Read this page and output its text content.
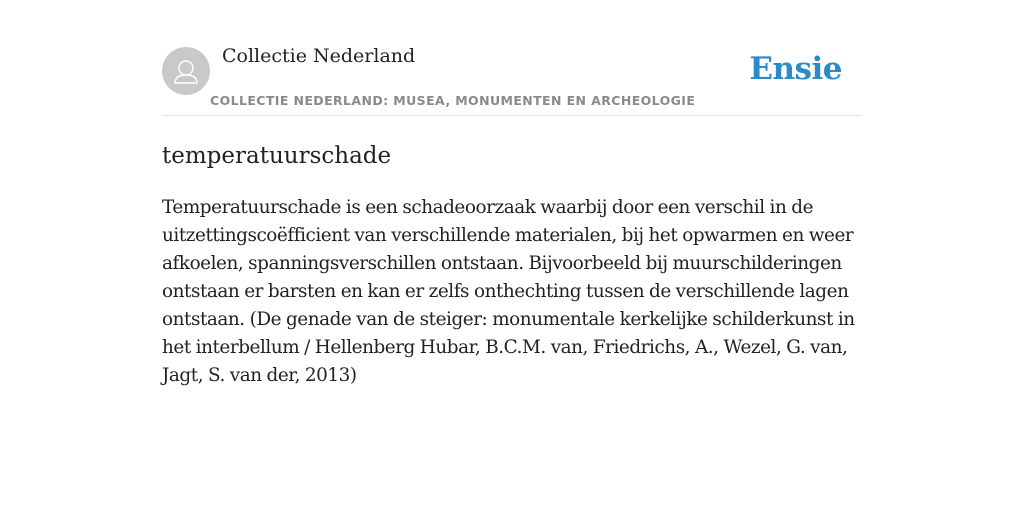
Collectie Nederland	Ensie
COLLECTIE NEDERLAND: MUSEA, MONUMENTEN EN ARCHEOLOGIE
temperatuurschade

Temperatuurschade is een schadeoorzaak waarbij door een verschil in de uitzettingscoëfficient van verschillende materialen, bij het opwarmen en weer afkoelen, spanningsverschillen ontstaan. Bijvoorbeeld bij muurschilderingen ontstaan er barsten en kan er zelfs onthechting tussen de verschillende lagen ontstaan. (De genade van de steiger: monumentale kerkelijke schilderkunst in het interbellum / Hellenberg Hubar, B.C.M. van, Friedrichs, A., Wezel, G. van, Jagt, S. van der, 2013)
